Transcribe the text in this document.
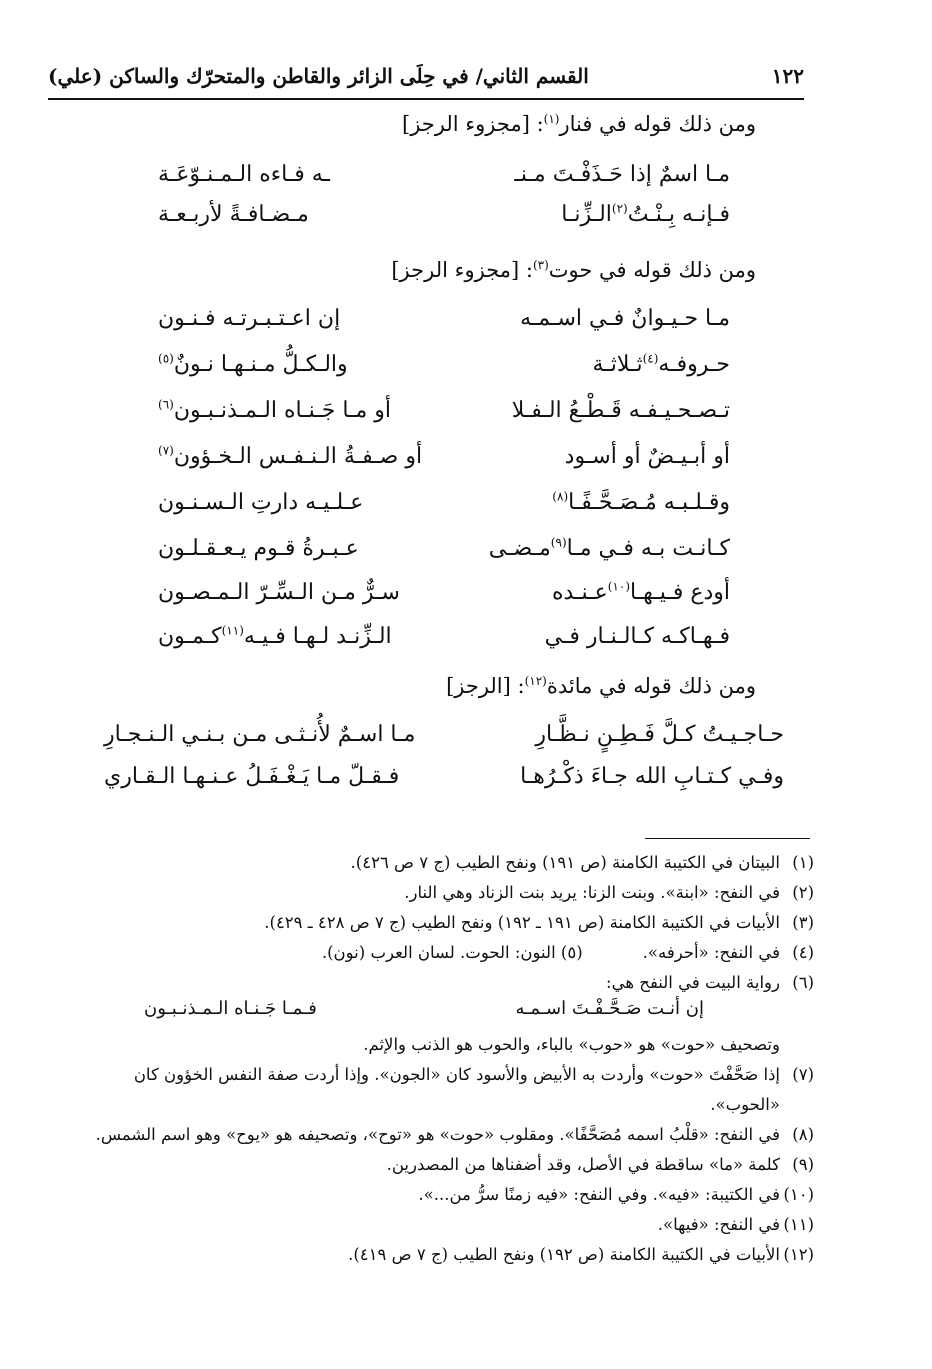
١٢٢
القسم الثاني/ في حِلَى الزائر والقاطن والمتحرّك والساكن (علي)
ومن ذلك قوله في فنار$^{(١)}$: [مجزوء الرجز]
مـا اسمٌ إذا حَـذَفْـتَ مـنـ
ـه فـاءه الـمـنـوّعَـة
فـإنـه بِـنْـتُ$^{(٢)}$الـزِّنـا
مـضـافـةً لأربـعـة
ومن ذلك قوله في حوت$^{(٣)}$: [مجزوء الرجز]
مـا حـيـوانٌ فـي اسـمـه
إن اعـتـبـرتـه فـنـون
حـروفـه$^{(٤)}$ثـلاثـة
والـكـلُّ مـنـهـا نـونٌ$^{(٥)}$
تـصـحـيـفـه قَـطْـعُ الـفـلا
أو مـا جَـنـاه الـمـذنـبـون$^{(٦)}$
أو أبـيـضٌ أو أسـود
أو صـفـةُ الـنـفـس الـخـؤون$^{(٧)}$
وقـلـبـه مُـصَـحَّـفًـا$^{(٨)}$
عـلـيـه دارتِ الـسـنـون
كـانـت بـه فـي مـا$^{(٩)}$مـضـى
عـبـرةُ قـوم يـعـقـلـون
أودع فـيـهـا$^{(١٠)}$عـنـده
سـرٌّ مـن الـسِّـرّ الـمـصـون
فـهـاكـه كـالـنـار فـي
الـزِّنـد لـهـا فـيـه$^{(١١)}$كـمـون
ومن ذلك قوله في مائدة$^{(١٢)}$: [الرجز]
حـاجـيـتُ كـلَّ فَـطِـنٍ نـظَّـارِ
مـا اسـمٌ لأُنـثـى مـن بـنـي الـنـجـارِ
وفـي كـتـابِ الله جـاءَ ذكْـرُهـا
فـقـلّ مـا يَـغْـفَـلُ عـنـهـا الـقـاري
(١)
البيتان في الكتيبة الكامنة (ص ١٩١) ونفح الطيب (ج ٧ ص ٤٢٦).
(٢)
في النفح: «ابنة». وبنت الزنا: يريد بنت الزناد وهي النار.
(٣)
الأبيات في الكتيبة الكامنة (ص ١٩١ ـ ١٩٢) ونفح الطيب (ج ٧ ص ٤٢٨ ـ ٤٢٩).
(٤)
في النفح: «أحرفه».(٥) النون: الحوت. لسان العرب (نون).
(٦)
رواية البيت في النفح هي:
إن أنـت صَـحَّـفْـتَ اسـمـه
فـمـا جَـنـاه الـمـذنـبـون
وتصحيف «حوت» هو «حوب» بالباء، والحوب هو الذنب والإثم.
(٧)
إذا صَحَّفْتَ «حوت» وأردت به الأبيض والأسود كان «الجون». وإذا أردت صفة النفس الخؤون كان «الحوب».
(٨)
في النفح: «قلْبُ اسمه مُصَحَّفًا». ومقلوب «حوت» هو «توح»، وتصحيفه هو «يوح» وهو اسم الشمس.
(٩)
كلمة «ما» ساقطة في الأصل، وقد أضفناها من المصدرين.
(١٠)
في الكتيبة: «فيه». وفي النفح: «فيه زمنًا سرُّ من...».
(١١)
في النفح: «فيها».
(١٢)
الأبيات في الكتيبة الكامنة (ص ١٩٢) ونفح الطيب (ج ٧ ص ٤١٩).
